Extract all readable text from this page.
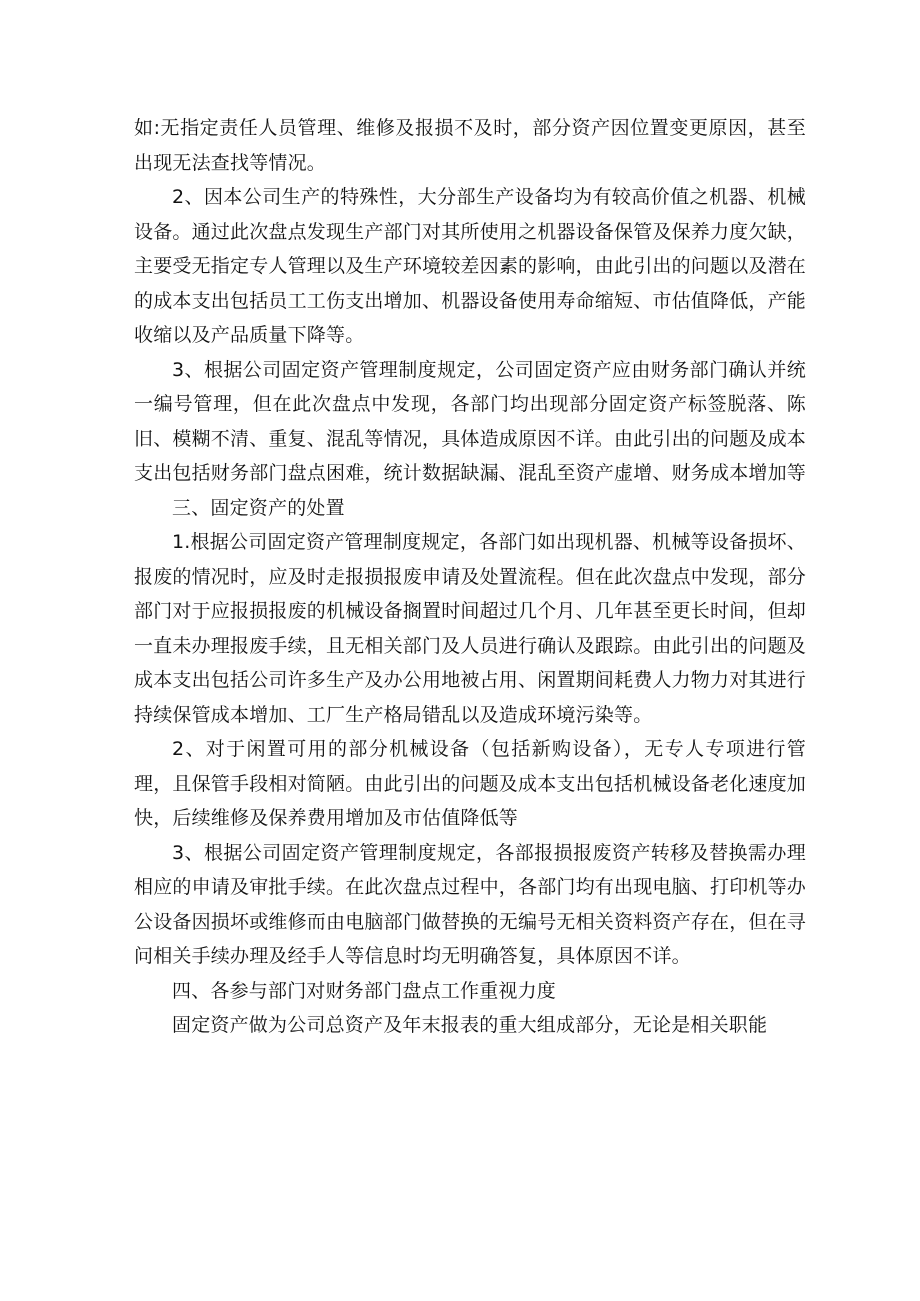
如:无指定责任人员管理、维修及报损不及时，部分资产因位置变更原因，甚至出现无法查找等情况。

2、因本公司生产的特殊性，大分部生产设备均为有较高价值之机器、机械设备。通过此次盘点发现生产部门对其所使用之机器设备保管及保养力度欠缺，主要受无指定专人管理以及生产环境较差因素的影响，由此引出的问题以及潜在的成本支出包括员工工伤支出增加、机器设备使用寿命缩短、市估值降低，产能收缩以及产品质量下降等。

3、根据公司固定资产管理制度规定，公司固定资产应由财务部门确认并统一编号管理，但在此次盘点中发现，各部门均出现部分固定资产标签脱落、陈旧、模糊不清、重复、混乱等情况，具体造成原因不详。由此引出的问题及成本支出包括财务部门盘点困难，统计数据缺漏、混乱至资产虚增、财务成本增加等

三、固定资产的处置

1.根据公司固定资产管理制度规定，各部门如出现机器、机械等设备损坏、报废的情况时，应及时走报损报废申请及处置流程。但在此次盘点中发现，部分部门对于应报损报废的机械设备搁置时间超过几个月、几年甚至更长时间，但却一直未办理报废手续，且无相关部门及人员进行确认及跟踪。由此引出的问题及成本支出包括公司许多生产及办公用地被占用、闲置期间耗费人力物力对其进行持续保管成本增加、工厂生产格局错乱以及造成环境污染等。

2、对于闲置可用的部分机械设备（包括新购设备），无专人专项进行管理，且保管手段相对简陋。由此引出的问题及成本支出包括机械设备老化速度加快，后续维修及保养费用增加及市估值降低等

3、根据公司固定资产管理制度规定，各部报损报废资产转移及替换需办理相应的申请及审批手续。在此次盘点过程中，各部门均有出现电脑、打印机等办公设备因损坏或维修而由电脑部门做替换的无编号无相关资料资产存在，但在寻问相关手续办理及经手人等信息时均无明确答复，具体原因不详。

四、各参与部门对财务部门盘点工作重视力度

固定资产做为公司总资产及年末报表的重大组成部分，无论是相关职能
